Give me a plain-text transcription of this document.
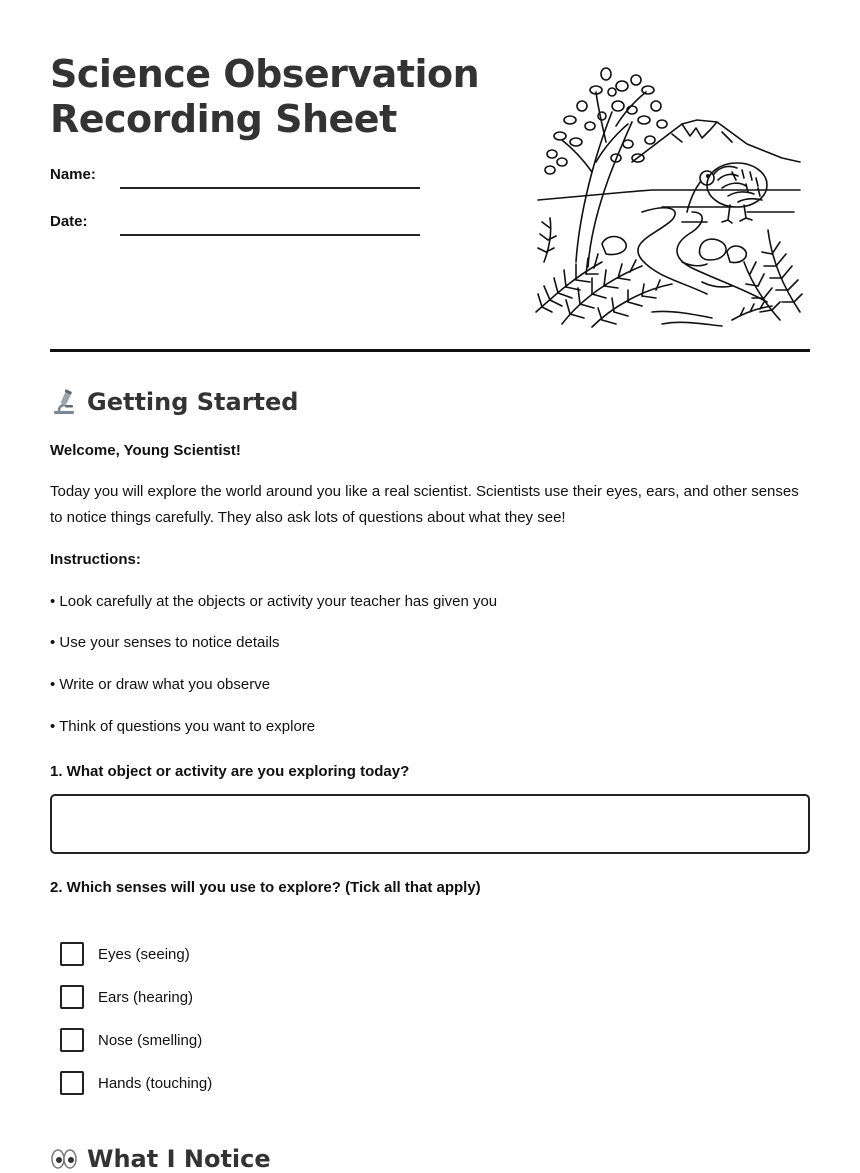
Science Observation
Recording Sheet
Name:
Date:
Getting Started
Welcome, Young Scientist!
Today you will explore the world around you like a real scientist. Scientists use their eyes, ears, and other senses to notice things carefully. They also ask lots of questions about what they see!
Instructions:
• Look carefully at the objects or activity your teacher has given you
• Use your senses to notice details
• Write or draw what you observe
• Think of questions you want to explore
1. What object or activity are you exploring today?
2. Which senses will you use to explore? (Tick all that apply)
Eyes (seeing)
Ears (hearing)
Nose (smelling)
Hands (touching)
What I Notice
